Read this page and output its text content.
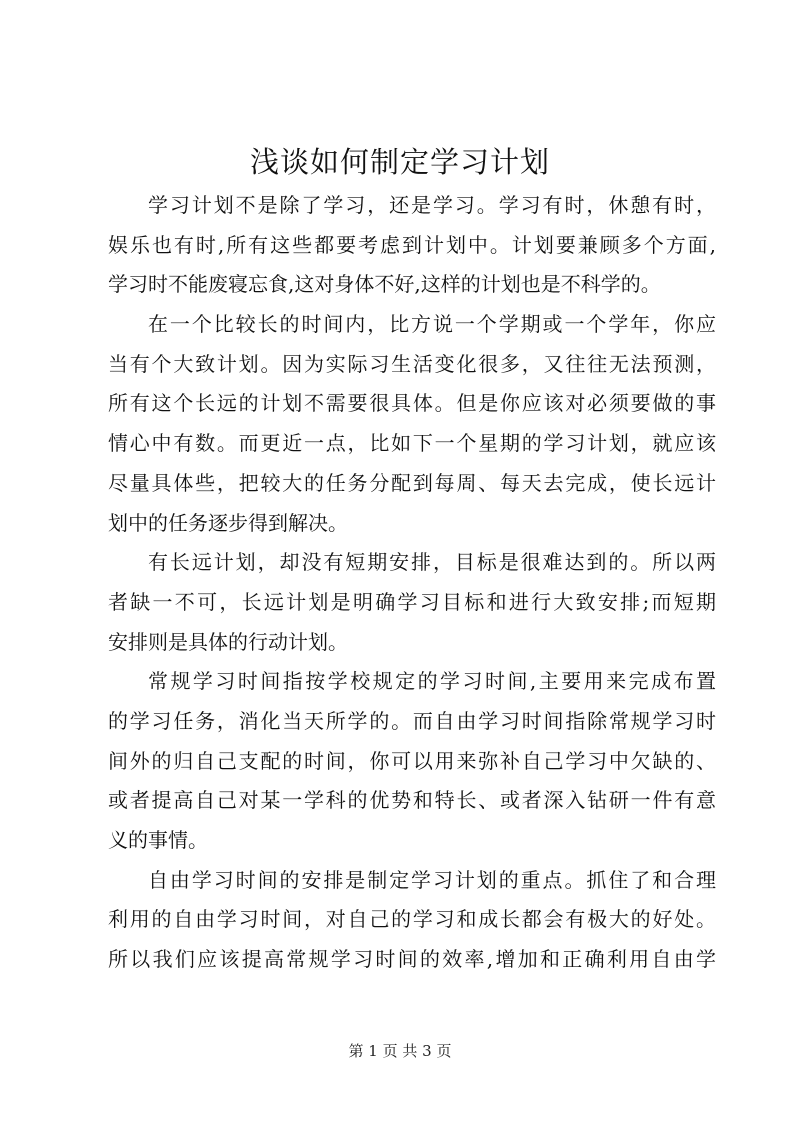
浅谈如何制定学习计划

学习计划不是除了学习，还是学习。学习有时，休憩有时，
娱乐也有时,所有这些都要考虑到计划中。计划要兼顾多个方面,
学习时不能废寝忘食,这对身体不好,这样的计划也是不科学的。

在一个比较长的时间内，比方说一个学期或一个学年，你应
当有个大致计划。因为实际习生活变化很多，又往往无法预测，
所有这个长远的计划不需要很具体。但是你应该对必须要做的事
情心中有数。而更近一点，比如下一个星期的学习计划，就应该
尽量具体些，把较大的任务分配到每周、每天去完成，使长远计
划中的任务逐步得到解决。

有长远计划，却没有短期安排，目标是很难达到的。所以两
者缺一不可，长远计划是明确学习目标和进行大致安排;而短期
安排则是具体的行动计划。

常规学习时间指按学校规定的学习时间,主要用来完成布置
的学习任务，消化当天所学的。而自由学习时间指除常规学习时
间外的归自己支配的时间，你可以用来弥补自己学习中欠缺的、
或者提高自己对某一学科的优势和特长、或者深入钻研一件有意
义的事情。

自由学习时间的安排是制定学习计划的重点。抓住了和合理
利用的自由学习时间，对自己的学习和成长都会有极大的好处。
所以我们应该提高常规学习时间的效率,增加和正确利用自由学

第 1 页 共 3 页
